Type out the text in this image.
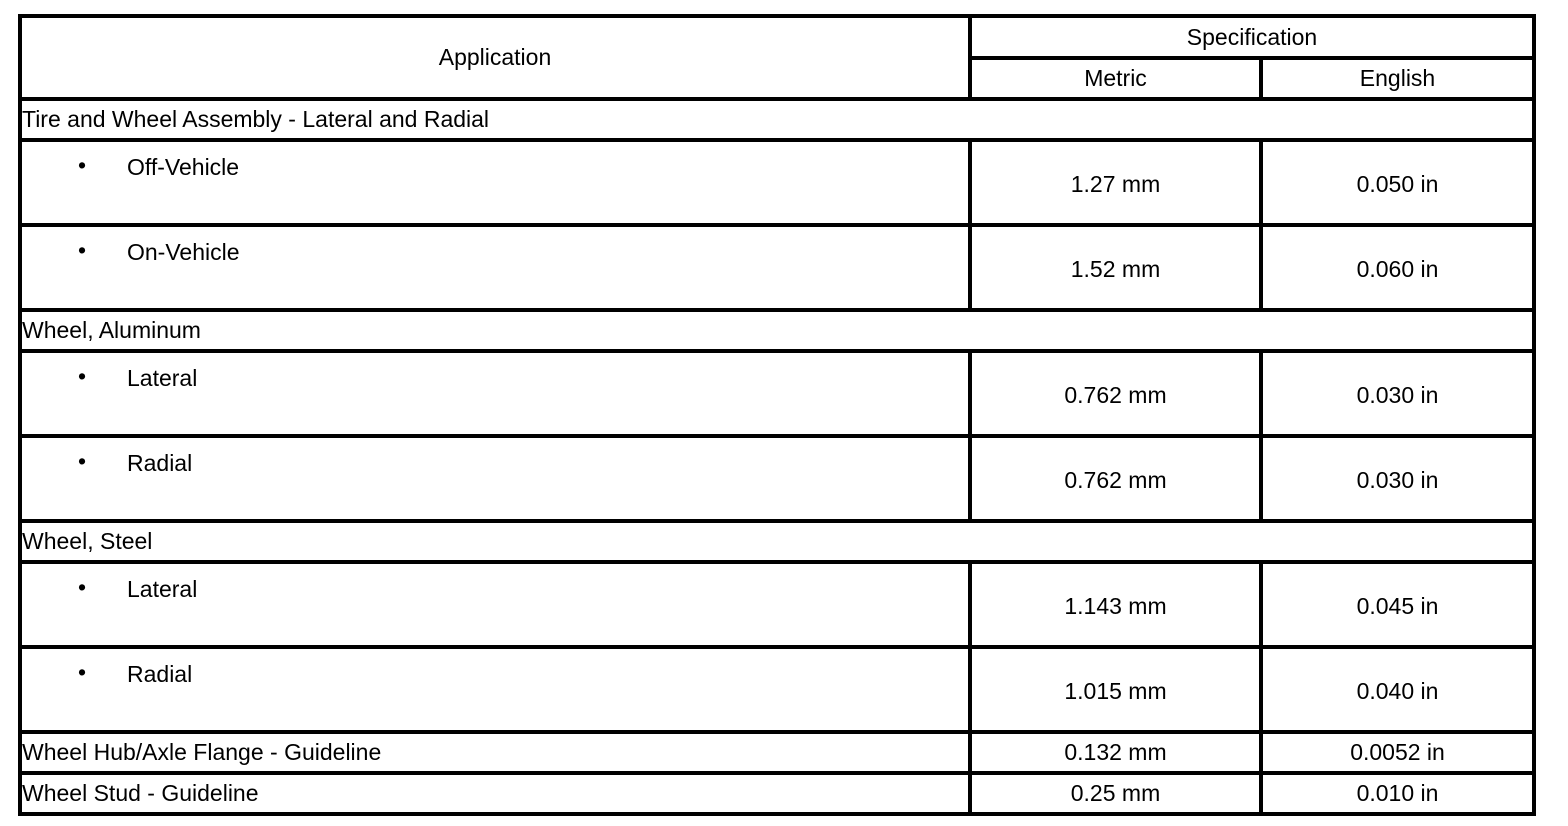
Application	Specification	
	Metric	English
Tire and Wheel Assembly - Lateral and Radial		

• Off-Vehicle	1.27 mm	0.050 in

• On-Vehicle	1.52 mm	0.060 in
Wheel, Aluminum		

• Lateral	0.762 mm	0.030 in

• Radial	0.762 mm	0.030 in
Wheel, Steel		

• Lateral	1.143 mm	0.045 in

• Radial	1.015 mm	0.040 in
Wheel Hub/Axle Flange - Guideline	0.132 mm	0.0052 in
Wheel Stud - Guideline	0.25 mm	0.010 in
